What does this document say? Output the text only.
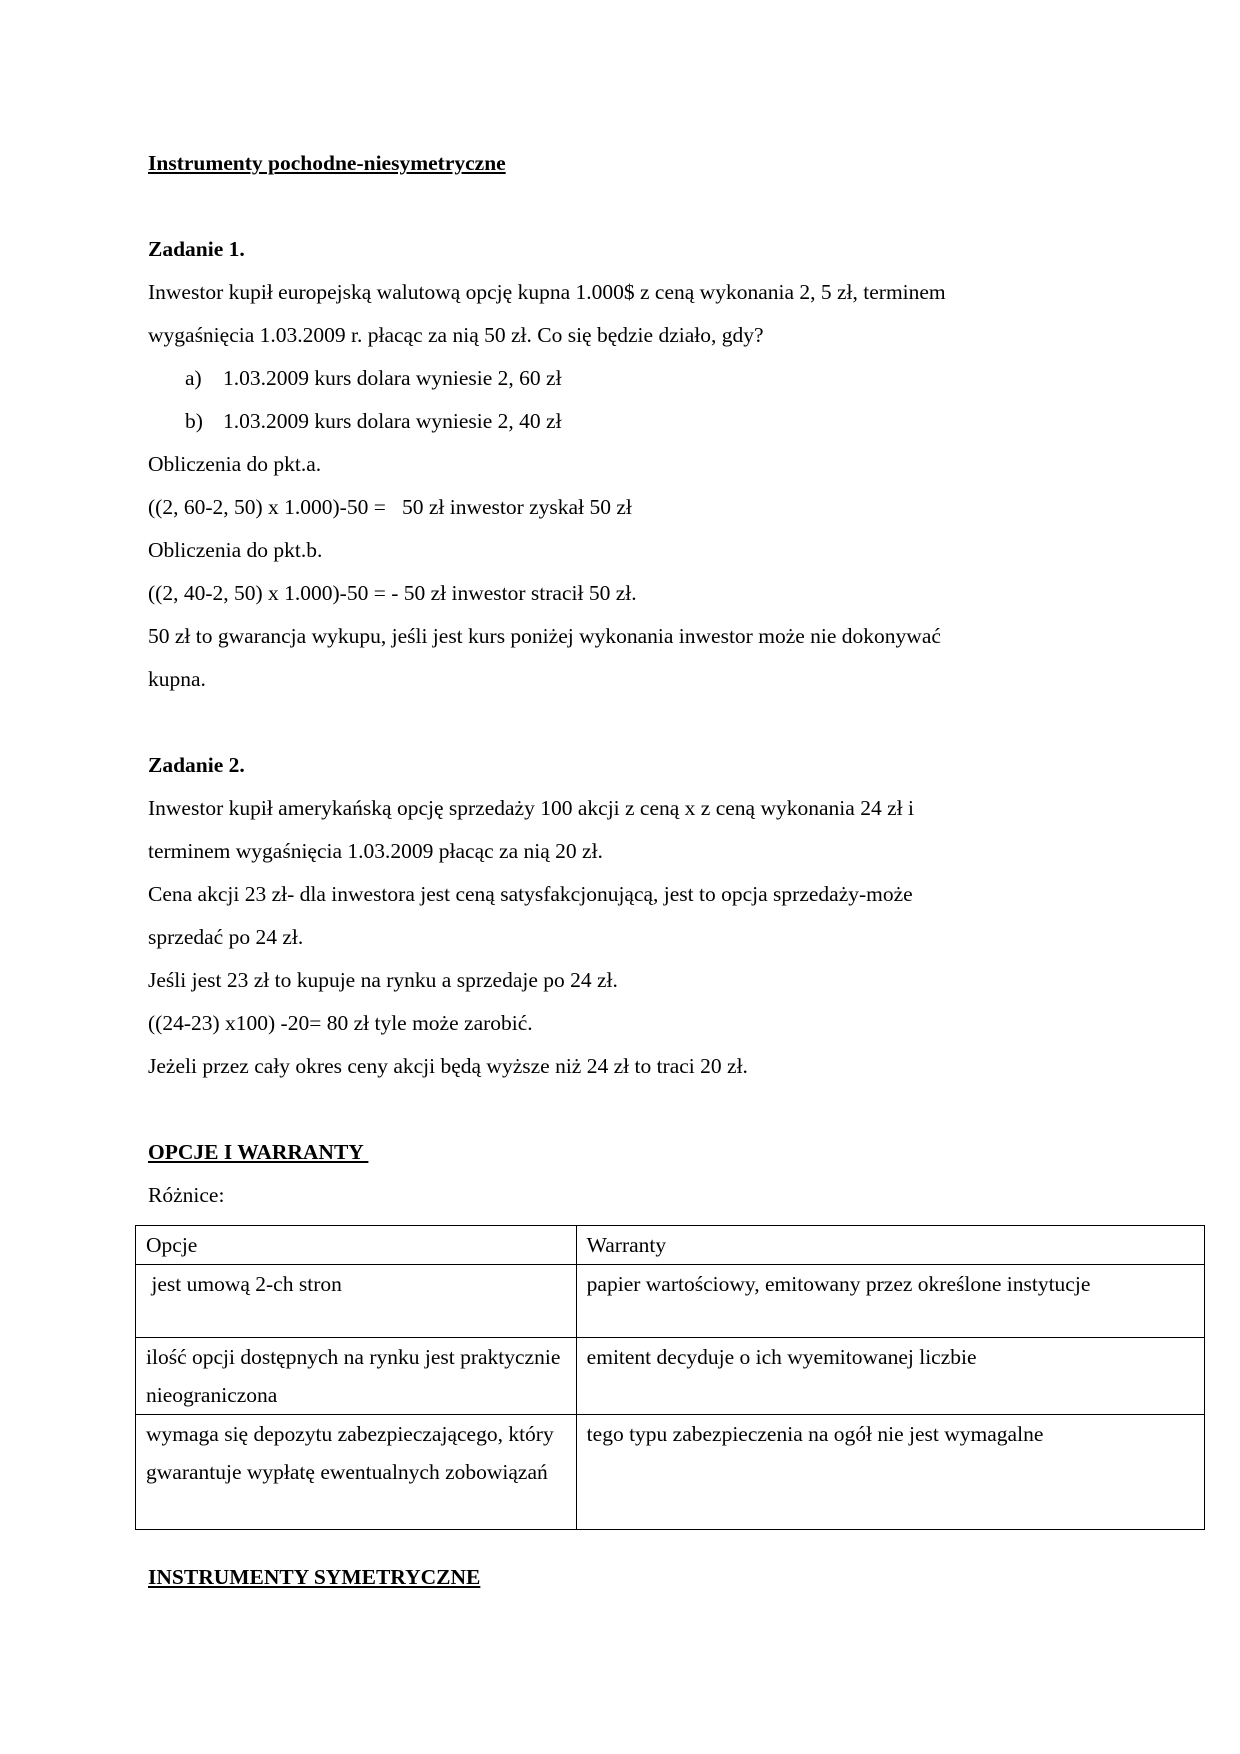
Instrumenty pochodne-niesymetryczne
Zadanie 1.
Inwestor kupił europejską walutową opcję kupna 1.000$ z ceną wykonania 2, 5 zł, terminem
wygaśnięcia 1.03.2009 r. płacąc za nią 50 zł. Co się będzie działo, gdy?
a) 1.03.2009 kurs dolara wyniesie 2, 60 zł
b) 1.03.2009 kurs dolara wyniesie 2, 40 zł
Obliczenia do pkt.a.
((2, 60-2, 50) x 1.000)-50 =   50 zł inwestor zyskał 50 zł
Obliczenia do pkt.b.
((2, 40-2, 50) x 1.000)-50 = - 50 zł inwestor stracił 50 zł.
50 zł to gwarancja wykupu, jeśli jest kurs poniżej wykonania inwestor może nie dokonywać
kupna.
Zadanie 2.
Inwestor kupił amerykańską opcję sprzedaży 100 akcji z ceną x z ceną wykonania 24 zł i
terminem wygaśnięcia 1.03.2009 płacąc za nią 20 zł.
Cena akcji 23 zł- dla inwestora jest ceną satysfakcjonującą, jest to opcja sprzedaży-może
sprzedać po 24 zł.
Jeśli jest 23 zł to kupuje na rynku a sprzedaje po 24 zł.
((24-23) x100) -20= 80 zł tyle może zarobić.
Jeżeli przez cały okres ceny akcji będą wyższe niż 24 zł to traci 20 zł.
OPCJE I WARRANTY
Różnice:
Opcje	Warranty
jest umową 2-ch stron	papier wartościowy, emitowany przez określone instytucje
ilość opcji dostępnych na rynku jest praktycznie nieograniczona	emitent decyduje o ich wyemitowanej liczbie
wymaga się depozytu zabezpieczającego, który gwarantuje wypłatę ewentualnych zobowiązań	tego typu zabezpieczenia na ogół nie jest wymagalne
INSTRUMENTY SYMETRYCZNE
